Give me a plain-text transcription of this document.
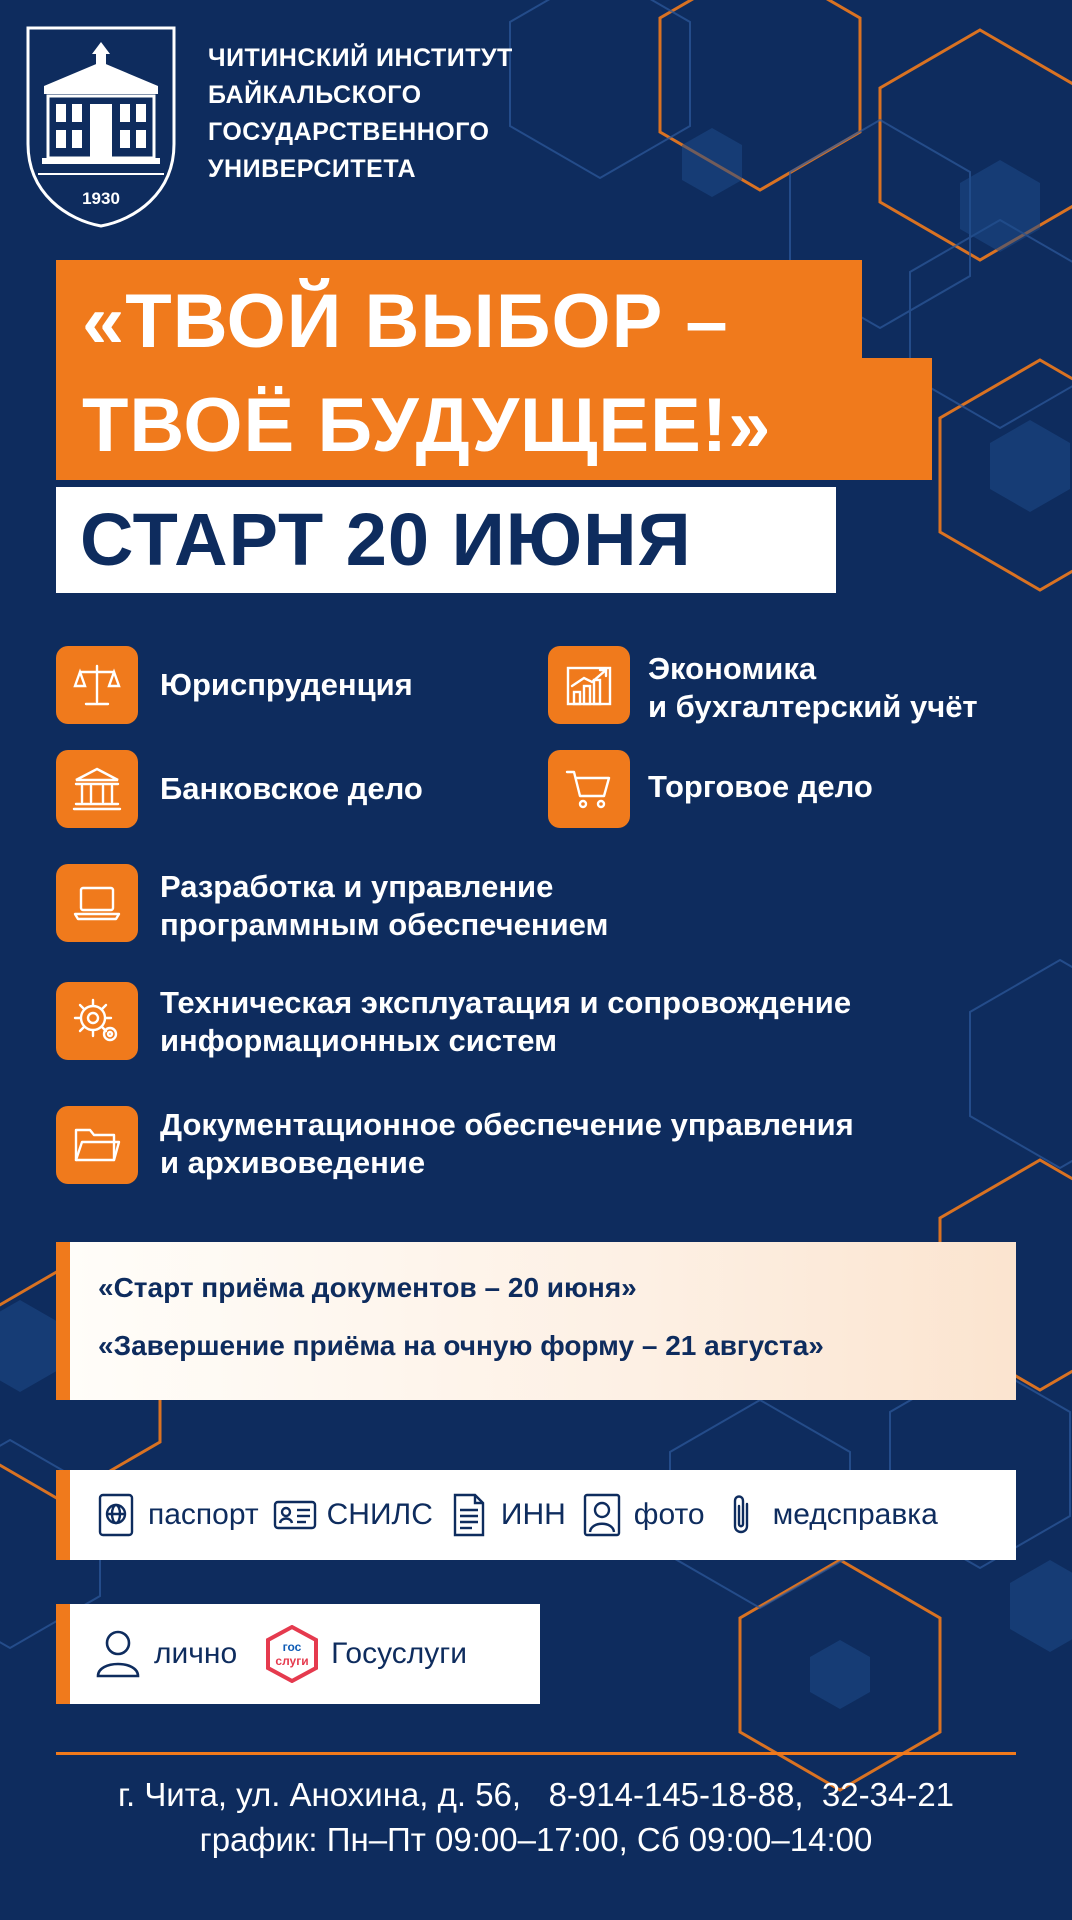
1930
ЧИТИНСКИЙ ИНСТИТУТ
БАЙКАЛЬСКОГО
ГОСУДАРСТВЕННОГО
УНИВЕРСИТЕТА
«ТВОЙ ВЫБОР –
ТВОЁ БУДУЩЕЕ!»
СТАРТ 20 ИЮНЯ
Юриспруденция	Экономика
и бухгалтерский учёт
Банковское дело	Торговое дело
Разработка и управление
программным обеспечением
Техническая эксплуатация и сопровождение
информационных систем
Документационное обеспечение управления
и архивоведение
«Старт приёма документов – 20 июня»
«Завершение приёма на очную форму – 21 августа»
паспорт СНИЛС ИНН фото медсправка
лично	гос
слуги Госуслуги
г. Чита, ул. Анохина, д. 56,   8-914-145-18-88,  32-34-21
график: Пн–Пт 09:00–17:00, Сб 09:00–14:00
